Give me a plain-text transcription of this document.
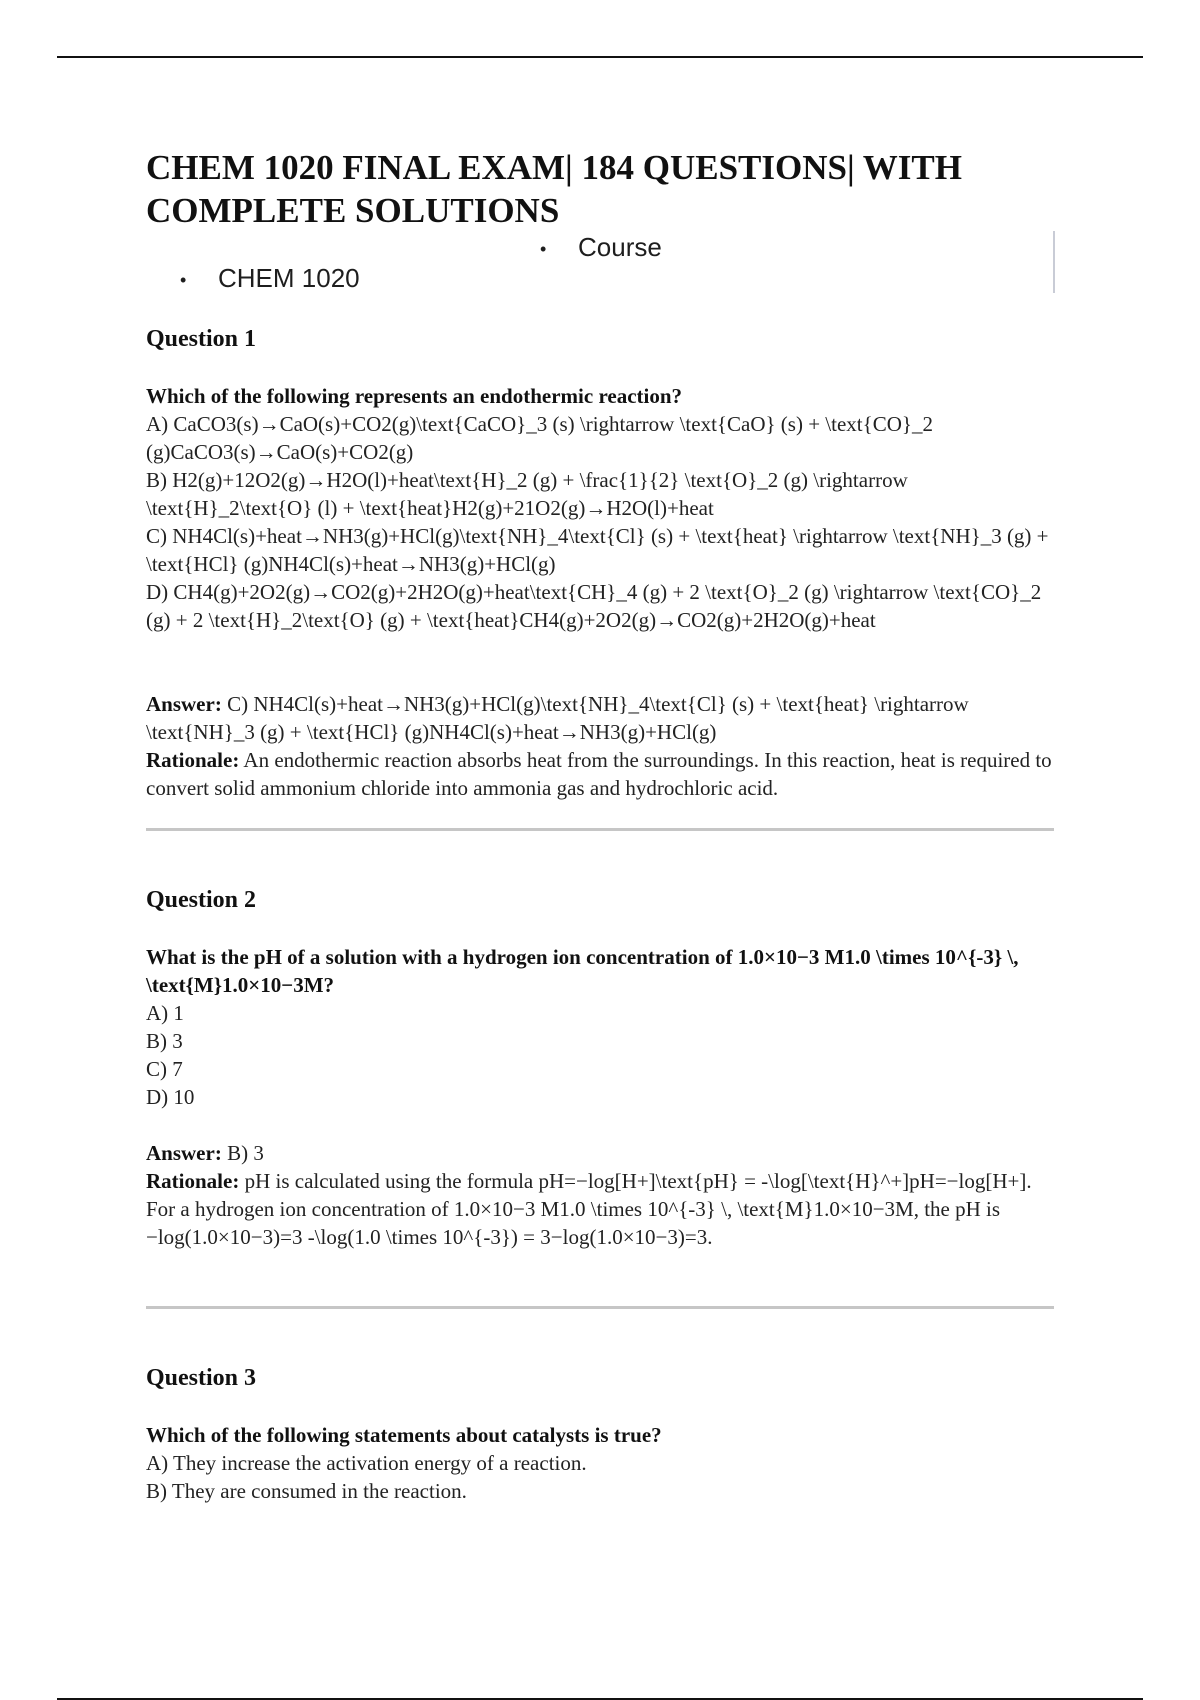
CHEM 1020 FINAL EXAM| 184 QUESTIONS| WITH COMPLETE SOLUTIONS
• Course
• CHEM 1020
Question 1

Which of the following represents an endothermic reaction?

A) CaCO3(s)→CaO(s)+CO2(g)\text{CaCO}_3 (s) \rightarrow \text{CaO} (s) + \text{CO}_2 (g)CaCO3(s)→CaO(s)+CO2(g)

B) H2(g)+12O2(g)→H2O(l)+heat\text{H}_2 (g) + \frac{1}{2} \text{O}_2 (g) \rightarrow \text{H}_2\text{O} (l) + \text{heat}H2(g)+21O2(g)→H2O(l)+heat

C) NH4Cl(s)+heat→NH3(g)+HCl(g)\text{NH}_4\text{Cl} (s) + \text{heat} \rightarrow \text{NH}_3 (g) + \text{HCl} (g)NH4Cl(s)+heat→NH3(g)+HCl(g)

D) CH4(g)+2O2(g)→CO2(g)+2H2O(g)+heat\text{CH}_4 (g) + 2 \text{O}_2 (g) \rightarrow \text{CO}_2 (g) + 2 \text{H}_2\text{O} (g) + \text{heat}CH4(g)+2O2(g)→CO2(g)+2H2O(g)+heat

Answer: C) NH4Cl(s)+heat→NH3(g)+HCl(g)\text{NH}_4\text{Cl} (s) + \text{heat} \rightarrow \text{NH}_3 (g) + \text{HCl} (g)NH4Cl(s)+heat→NH3(g)+HCl(g)

Rationale: An endothermic reaction absorbs heat from the surroundings. In this reaction, heat is required to convert solid ammonium chloride into ammonia gas and hydrochloric acid.

Question 2

What is the pH of a solution with a hydrogen ion concentration of 1.0×10−3 M1.0 \times 10^{-3} \, \text{M}1.0×10−3M?

A) 1

B) 3

C) 7

D) 10

Answer: B) 3

Rationale: pH is calculated using the formula pH=−log[H+]\text{pH} = -\log[\text{H}^+]pH=−log[H+]. For a hydrogen ion concentration of 1.0×10−3 M1.0 \times 10^{-3} \, \text{M}1.0×10−3M, the pH is −log(1.0×10−3)=3 -\log(1.0 \times 10^{-3}) = 3−log(1.0×10−3)=3.

Question 3

Which of the following statements about catalysts is true?

A) They increase the activation energy of a reaction.

B) They are consumed in the reaction.
